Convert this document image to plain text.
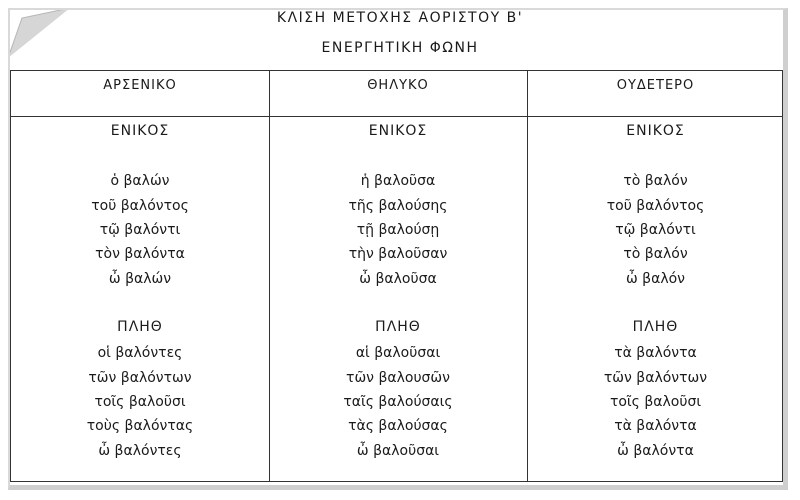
ΚΛΙΣΗ ΜΕΤΟΧΗΣ ΑΟΡΙΣΤΟΥ Β'
ΕΝΕΡΓΗΤΙΚΗ ΦΩΝΗ
ΑΡΣΕΝΙΚΟ
ΕΝΙΚΟΣ
ὁ βαλών
τοῦ βαλόντος
τῷ βαλόντι
τὸν βαλόντα
ὦ βαλών
ΠΛΗΘ
οἱ βαλόντες
τῶν βαλόντων
τοῖς βαλοῦσι
τοὺς βαλόντας
ὦ βαλόντες
ΘΗΛΥΚΟ
ΕΝΙΚΟΣ
ἡ βαλοῦσα
τῆς βαλούσης
τῇ βαλούσῃ
τὴν βαλοῦσαν
ὦ βαλοῦσα
ΠΛΗΘ
αἱ βαλοῦσαι
τῶν βαλουσῶν
ταῖς βαλούσαις
τὰς βαλούσας
ὦ βαλοῦσαι
ΟΥΔΕΤΕΡΟ
ΕΝΙΚΟΣ
τὸ βαλόν
τοῦ βαλόντος
τῷ βαλόντι
τὸ βαλόν
ὦ βαλόν
ΠΛΗΘ
τὰ βαλόντα
τῶν βαλόντων
τοῖς βαλοῦσι
τὰ βαλόντα
ὦ βαλόντα
